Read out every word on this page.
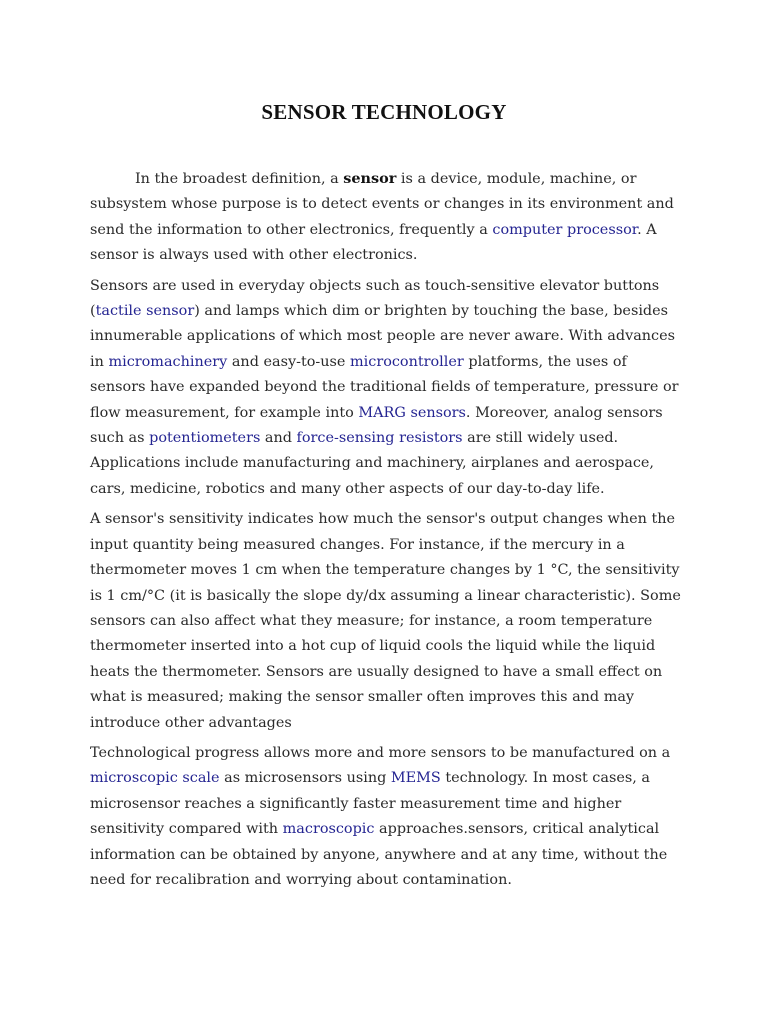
SENSOR TECHNOLOGY

In the broadest definition, a sensor is a device, module, machine, or subsystem whose purpose is to detect events or changes in its environment and send the information to other electronics, frequently a computer processor. A sensor is always used with other electronics.

Sensors are used in everyday objects such as touch-sensitive elevator buttons (tactile sensor) and lamps which dim or brighten by touching the base, besides innumerable applications of which most people are never aware. With advances in micromachinery and easy-to-use microcontroller platforms, the uses of sensors have expanded beyond the traditional fields of temperature, pressure or flow measurement, for example into MARG sensors. Moreover, analog sensors such as potentiometers and force-sensing resistors are still widely used. Applications include manufacturing and machinery, airplanes and aerospace, cars, medicine, robotics and many other aspects of our day-to-day life.

A sensor's sensitivity indicates how much the sensor's output changes when the input quantity being measured changes. For instance, if the mercury in a thermometer moves 1 cm when the temperature changes by 1 °C, the sensitivity is 1 cm/°C (it is basically the slope dy/dx assuming a linear characteristic). Some sensors can also affect what they measure; for instance, a room temperature thermometer inserted into a hot cup of liquid cools the liquid while the liquid heats the thermometer. Sensors are usually designed to have a small effect on what is measured; making the sensor smaller often improves this and may introduce other advantages

Technological progress allows more and more sensors to be manufactured on a microscopic scale as microsensors using MEMS technology. In most cases, a microsensor reaches a significantly faster measurement time and higher sensitivity compared with macroscopic approaches.sensors, critical analytical information can be obtained by anyone, anywhere and at any time, without the need for recalibration and worrying about contamination.
